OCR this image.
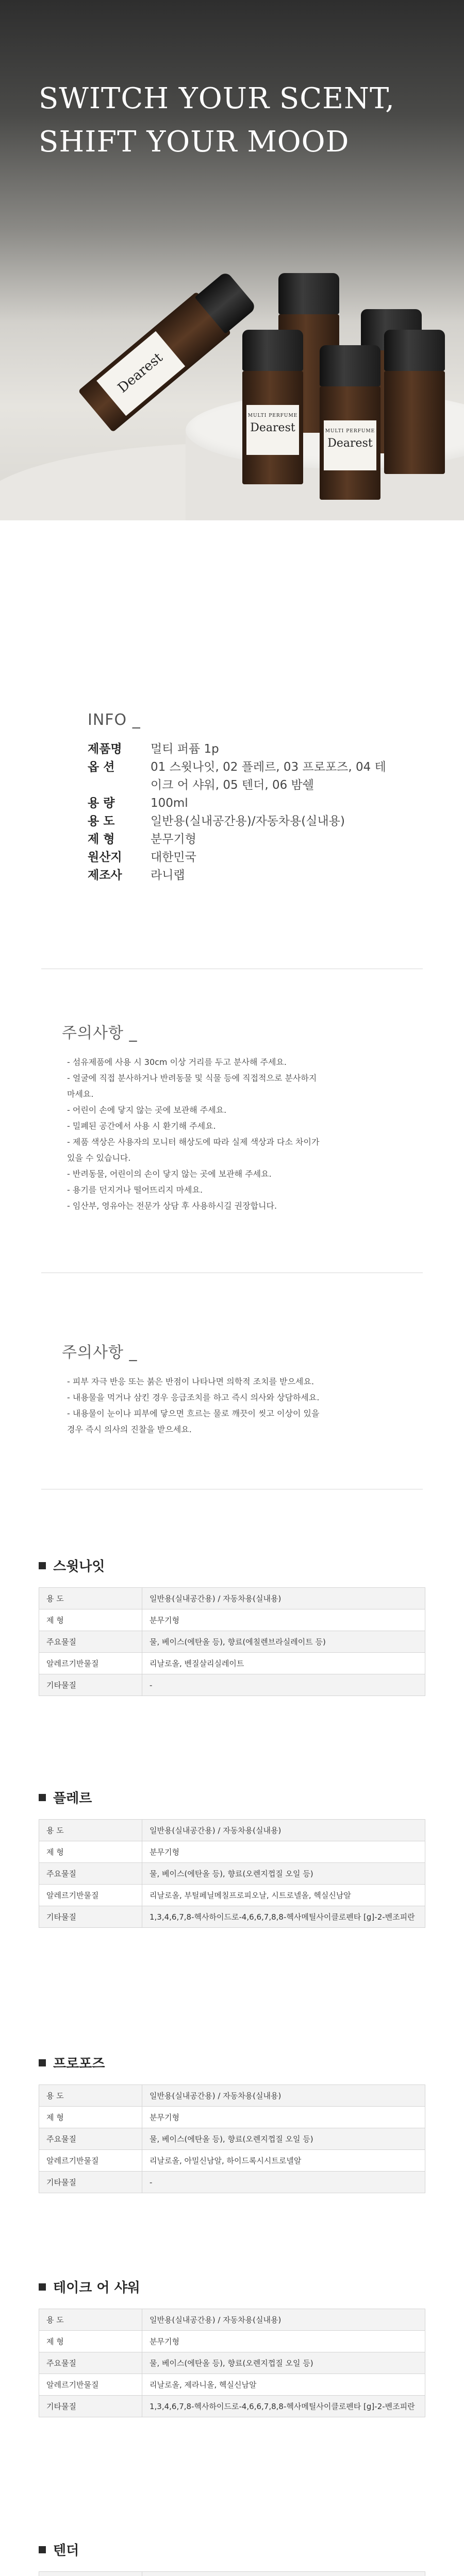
SWITCH YOUR SCENT,
SHIFT YOUR MOOD
MULTI PERFUME
Dearest	MULTI PERFUME
Dearest
Dearest
INFO _
제품명	멀티 퍼퓸 1p
옵 션	01 스윗나잇, 02 플레르, 03 프로포즈, 04 테이크 어 샤워, 05 텐더, 06 밤쉘
용 량	100ml
용 도	일반용(실내공간용)/자동차용(실내용)
제 형	분무기형
원산지	대한민국
제조사	라니랩
주의사항 _
- 섬유제품에 사용 시 30cm 이상 거리를 두고 분사해 주세요.
- 얼굴에 직접 분사하거나 반려동물 및 식물 등에 직접적으로 분사하지
마세요.
- 어린이 손에 닿지 않는 곳에 보관해 주세요.
- 밀폐된 공간에서 사용 시 환기해 주세요.
- 제품 색상은 사용자의 모니터 해상도에 따라 실제 색상과 다소 차이가
있을 수 있습니다.
- 반려동물, 어린이의 손이 닿지 않는 곳에 보관해 주세요.
- 용기를 던지거나 떨어뜨리지 마세요.
- 임산부, 영유아는 전문가 상담 후 사용하시길 권장합니다.
주의사항 _
- 피부 자극 반응 또는 붉은 반점이 나타나면 의학적 조치를 받으세요.
- 내용물을 먹거나 삼킨 경우 응급조치를 하고 즉시 의사와 상담하세요.
- 내용물이 눈이나 피부에 닿으면 흐르는 물로 깨끗이 씻고 이상이 있을
경우 즉시 의사의 진찰을 받으세요.
스윗나잇
용 도	일반용(실내공간용) / 자동차용(실내용)
제 형	분무기형
주요물질	물, 베이스(에탄올 등), 향료(에칠렌브라실레이트 등)
알레르기반물질	리날로올, 벤질살리실레이트
기타물질	-
플레르
용 도	일반용(실내공간용) / 자동차용(실내용)
제 형	분무기형
주요물질	물, 베이스(에탄올 등), 향료(오렌지껍질 오일 등)
알레르기반물질	리날로올, 부틸페닐메칠프로피오날, 시트로넬올, 헥실신남알
기타물질	1,3,4,6,7,8-헥사하이드로-4,6,6,7,8,8-헥사메틸사이클로펜타 [g]-2-벤조피란
프로포즈
용 도	일반용(실내공간용) / 자동차용(실내용)
제 형	분무기형
주요물질	물, 베이스(에탄올 등), 향료(오렌지껍질 오일 등)
알레르기반물질	리날로올, 아밀신남알, 하이드록시시트로넬알
기타물질	-
테이크 어 샤워
용 도	일반용(실내공간용) / 자동차용(실내용)
제 형	분무기형
주요물질	물, 베이스(에탄올 등), 향료(오렌지껍질 오일 등)
알레르기반물질	리날로올, 제라니올, 헥실신남알
기타물질	1,3,4,6,7,8-헥사하이드로-4,6,6,7,8,8-헥사메틸사이클로펜타 [g]-2-벤조피란
텐더
